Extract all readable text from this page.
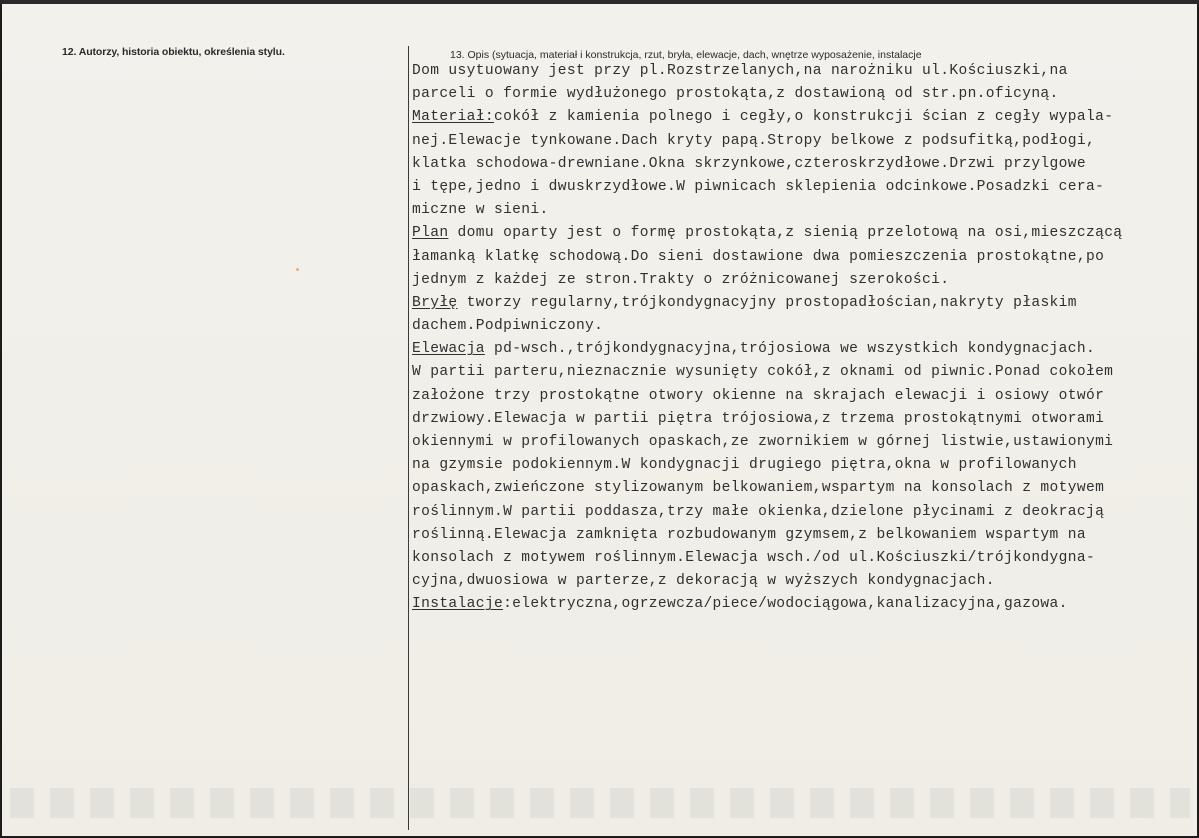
12. Autorzy, historia obiektu, określenia stylu.	13. Opis (sytuacja, materiał i konstrukcja, rzut, bryła, elewacje, dach, wnętrze wyposażenie, instalacje
Dom usytuowany jest przy pl.Rozstrzelanych,na narożniku ul.Kościuszki,na
parceli o formie wydłużonego prostokąta,z dostawioną od str.pn.oficyną.
Materiał:cokół z kamienia polnego i cegły,o konstrukcji ścian z cegły wypala-
nej.Elewacje tynkowane.Dach kryty papą.Stropy belkowe z podsufitką,podłogi,
klatka schodowa-drewniane.Okna skrzynkowe,czteroskrzydłowe.Drzwi przylgowe
i tępe,jedno i dwuskrzydłowe.W piwnicach sklepienia odcinkowe.Posadzki cera-
miczne w sieni.
Plan domu oparty jest o formę prostokąta,z sienią przelotową na osi,mieszczącą
łamanką klatkę schodową.Do sieni dostawione dwa pomieszczenia prostokątne,po
jednym z każdej ze stron.Trakty o zróżnicowanej szerokości.
Bryłę tworzy regularny,trójkondygnacyjny prostopadłościan,nakryty płaskim
dachem.Podpiwniczony.
Elewacja pd-wsch.,trójkondygnacyjna,trójosiowa we wszystkich kondygnacjach.
W partii parteru,nieznacznie wysunięty cokół,z oknami od piwnic.Ponad cokołem
założone trzy prostokątne otwory okienne na skrajach elewacji i osiowy otwór
drzwiowy.Elewacja w partii piętra trójosiowa,z trzema prostokątnymi otworami
okiennymi w profilowanych opaskach,ze zwornikiem w górnej listwie,ustawionymi
na gzymsie podokiennym.W kondygnacji drugiego piętra,okna w profilowanych
opaskach,zwieńczone stylizowanym belkowaniem,wspartym na konsolach z motywem
roślinnym.W partii poddasza,trzy małe okienka,dzielone płycinami z deokracją
roślinną.Elewacja zamknięta rozbudowanym gzymsem,z belkowaniem wspartym na
konsolach z motywem roślinnym.Elewacja wsch./od ul.Kościuszki/trójkondygna-
cyjna,dwuosiowa w parterze,z dekoracją w wyższych kondygnacjach.
Instalacje:elektryczna,ogrzewcza/piece/wodociągowa,kanalizacyjna,gazowa.
